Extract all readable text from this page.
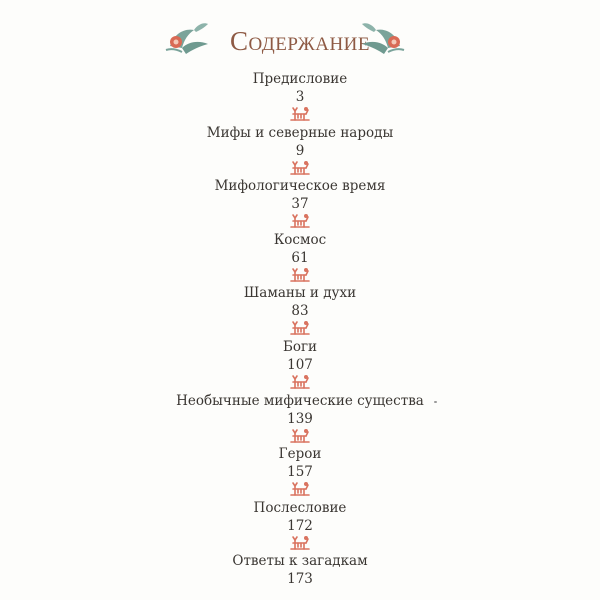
Содержание
Предисловие
3
Мифы и северные народы
9
Мифологическое время
37
Космос
61
Шаманы и духи
83
Боги
107
Необычные мифические существа
139
Герои
157
Послесловие
172
Ответы к загадкам
173
